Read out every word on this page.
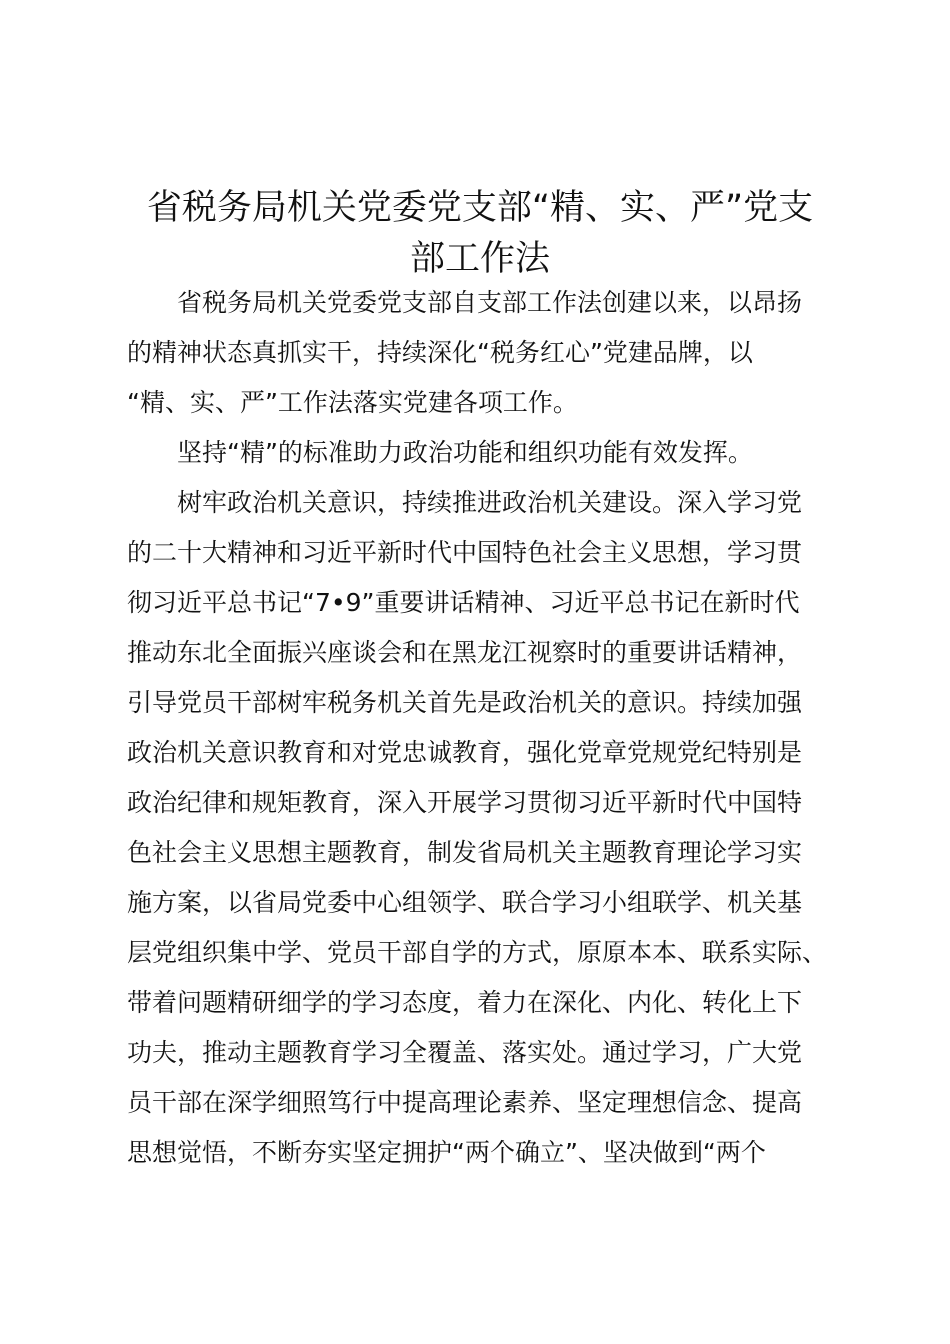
省税务局机关党委党支部“精、实、严”党支
部工作法
　　省税务局机关党委党支部自支部工作法创建以来，以昂扬
的精神状态真抓实干，持续深化“税务红心”党建品牌，以
“精、实、严”工作法落实党建各项工作。
　　坚持“精”的标准助力政治功能和组织功能有效发挥。
　　树牢政治机关意识，持续推进政治机关建设。深入学习党
的二十大精神和习近平新时代中国特色社会主义思想，学习贯
彻习近平总书记“7•9”重要讲话精神、习近平总书记在新时代
推动东北全面振兴座谈会和在黑龙江视察时的重要讲话精神，
引导党员干部树牢税务机关首先是政治机关的意识。持续加强
政治机关意识教育和对党忠诚教育，强化党章党规党纪特别是
政治纪律和规矩教育，深入开展学习贯彻习近平新时代中国特
色社会主义思想主题教育，制发省局机关主题教育理论学习实
施方案，以省局党委中心组领学、联合学习小组联学、机关基
层党组织集中学、党员干部自学的方式，原原本本、联系实际、
带着问题精研细学的学习态度，着力在深化、内化、转化上下
功夫，推动主题教育学习全覆盖、落实处。通过学习，广大党
员干部在深学细照笃行中提高理论素养、坚定理想信念、提高
思想觉悟，不断夯实坚定拥护“两个确立”、坚决做到“两个
